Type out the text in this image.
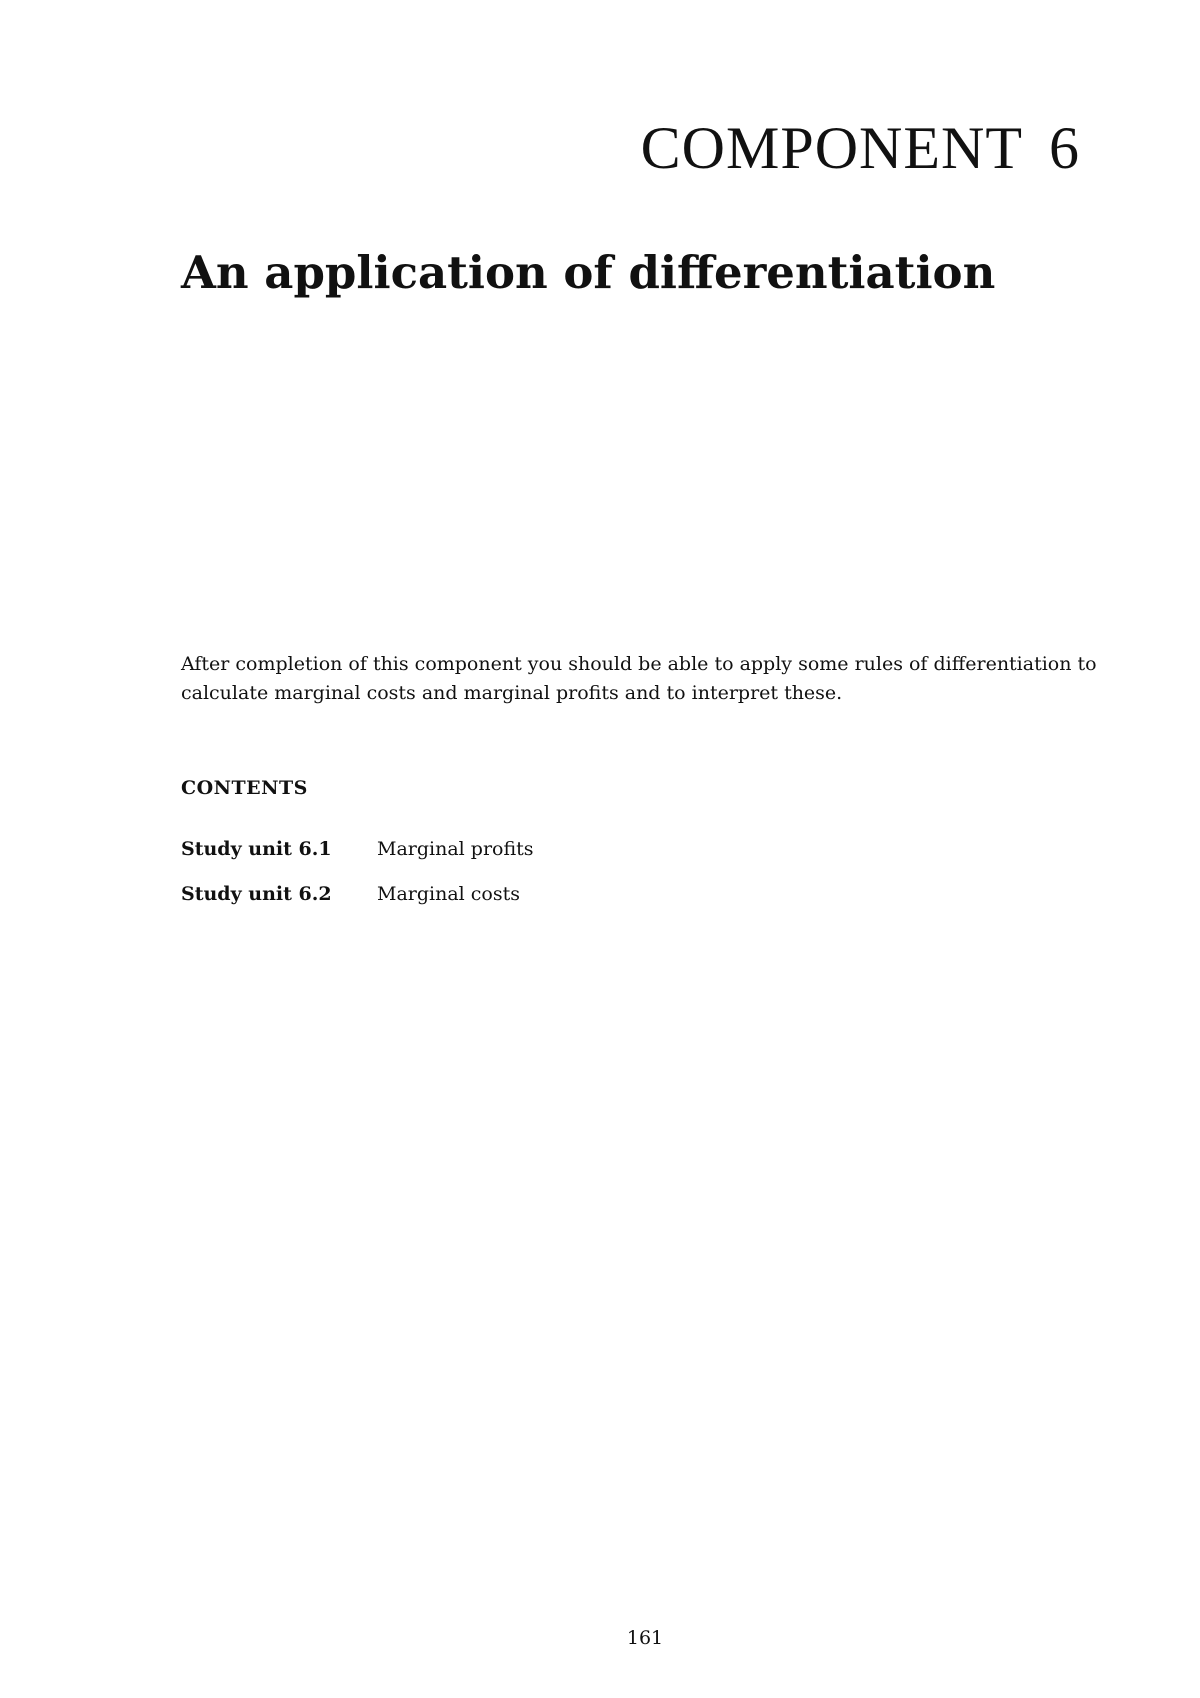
COMPONENT 6
An application of differentiation

After completion of this component you should be able to apply some rules of differentiation to calculate marginal costs and marginal profits and to interpret these.

CONTENTS
Study unit 6.1	Marginal profits
Study unit 6.2	Marginal costs
161
